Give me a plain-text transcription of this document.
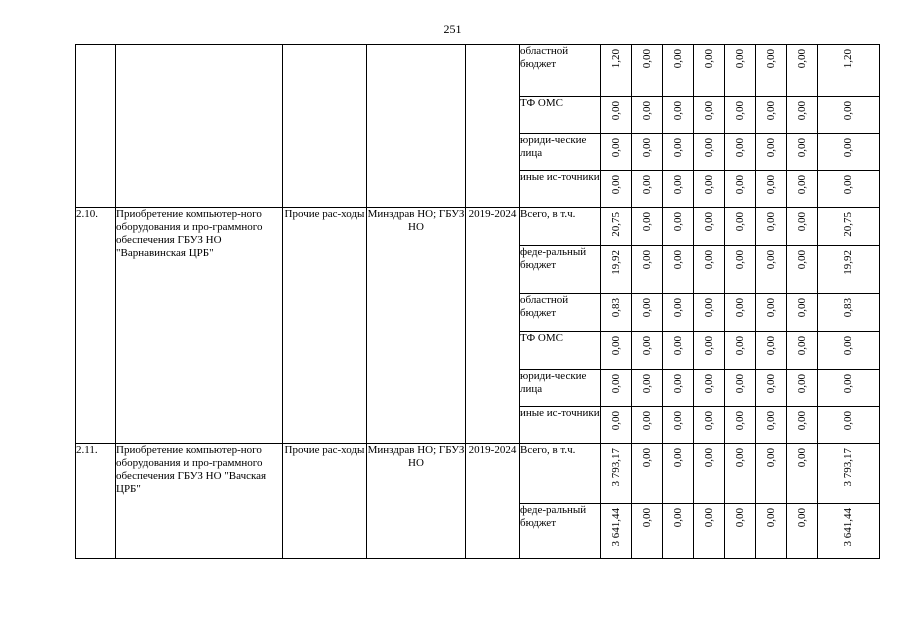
251
					областной бюджет	1,20	0,00	0,00	0,00	0,00	0,00	0,00	1,20
					ТФ ОМС	0,00	0,00	0,00	0,00	0,00	0,00	0,00	0,00
					юриди-ческие лица	0,00	0,00	0,00	0,00	0,00	0,00	0,00	0,00
					иные ис-точники	0,00	0,00	0,00	0,00	0,00	0,00	0,00	0,00
2.10.	Приобретение компьютер-ного оборудования и про-граммного обеспечения ГБУЗ НО "Варнавинская ЦРБ"	Прочие рас-ходы	Минздрав НО; ГБУЗ НО	2019-2024	Всего, в т.ч.	20,75	0,00	0,00	0,00	0,00	0,00	0,00	20,75
					феде-ральный бюджет	19,92	0,00	0,00	0,00	0,00	0,00	0,00	19,92
					областной бюджет	0,83	0,00	0,00	0,00	0,00	0,00	0,00	0,83
					ТФ ОМС	0,00	0,00	0,00	0,00	0,00	0,00	0,00	0,00
					юриди-ческие лица	0,00	0,00	0,00	0,00	0,00	0,00	0,00	0,00
					иные ис-точники	0,00	0,00	0,00	0,00	0,00	0,00	0,00	0,00
2.11.	Приобретение компьютер-ного оборудования и про-граммного обеспечения ГБУЗ НО "Вачская ЦРБ"	Прочие рас-ходы	Минздрав НО; ГБУЗ НО	2019-2024	Всего, в т.ч.	3 793,17	0,00	0,00	0,00	0,00	0,00	0,00	3 793,17
					феде-ральный бюджет	3 641,44	0,00	0,00	0,00	0,00	0,00	0,00	3 641,44
